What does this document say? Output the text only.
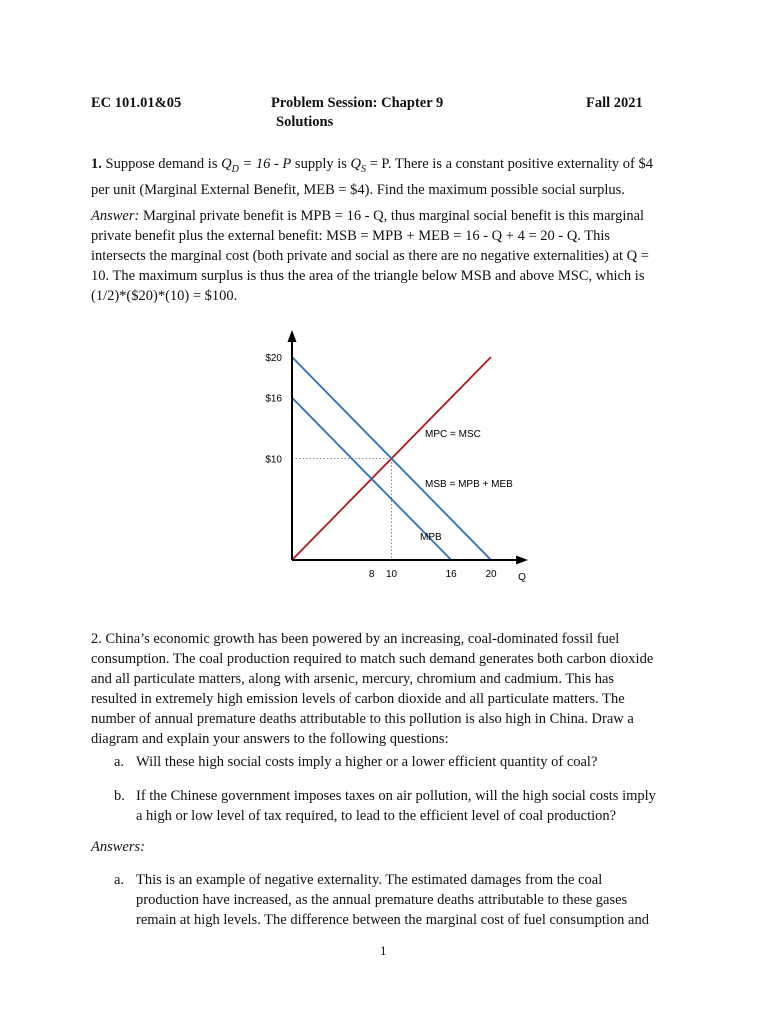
EC 101.01&05	Problem Session: Chapter 9
Solutions
Fall 2021
1. Suppose demand is $Q_D = 16 - P$ supply is $Q_S = P$. There is a constant positive externality of $4
per unit (Marginal External Benefit, MEB = $4). Find the maximum possible social surplus.
Answer: Marginal private benefit is MPB = 16 - Q, thus marginal social benefit is this marginal
private benefit plus the external benefit: MSB = MPB + MEB = 16 - Q + 4 = 20 - Q. This
intersects the marginal cost (both private and social as there are no negative externalities) at Q =
10. The maximum surplus is thus the area of the triangle below MSB and above MSC, which is
(1/2)*($20)*(10) = $100.
$20
$16
$10
8 10	16	20 Q
MPC = MSC
MSB = MPB + MEB
MPB
2. China’s economic growth has been powered by an increasing, coal-dominated fossil fuel
consumption. The coal production required to match such demand generates both carbon dioxide
and all particulate matters, along with arsenic, mercury, chromium and cadmium. This has
resulted in extremely high emission levels of carbon dioxide and all particulate matters. The
number of annual premature deaths attributable to this pollution is also high in China. Draw a
diagram and explain your answers to the following questions:
a. Will these high social costs imply a higher or a lower efficient quantity of coal?
b. If the Chinese government imposes taxes on air pollution, will the high social costs imply
a high or low level of tax required, to lead to the efficient level of coal production?
Answers:
a. This is an example of negative externality. The estimated damages from the coal
production have increased, as the annual premature deaths attributable to these gases
remain at high levels. The difference between the marginal cost of fuel consumption and
1
